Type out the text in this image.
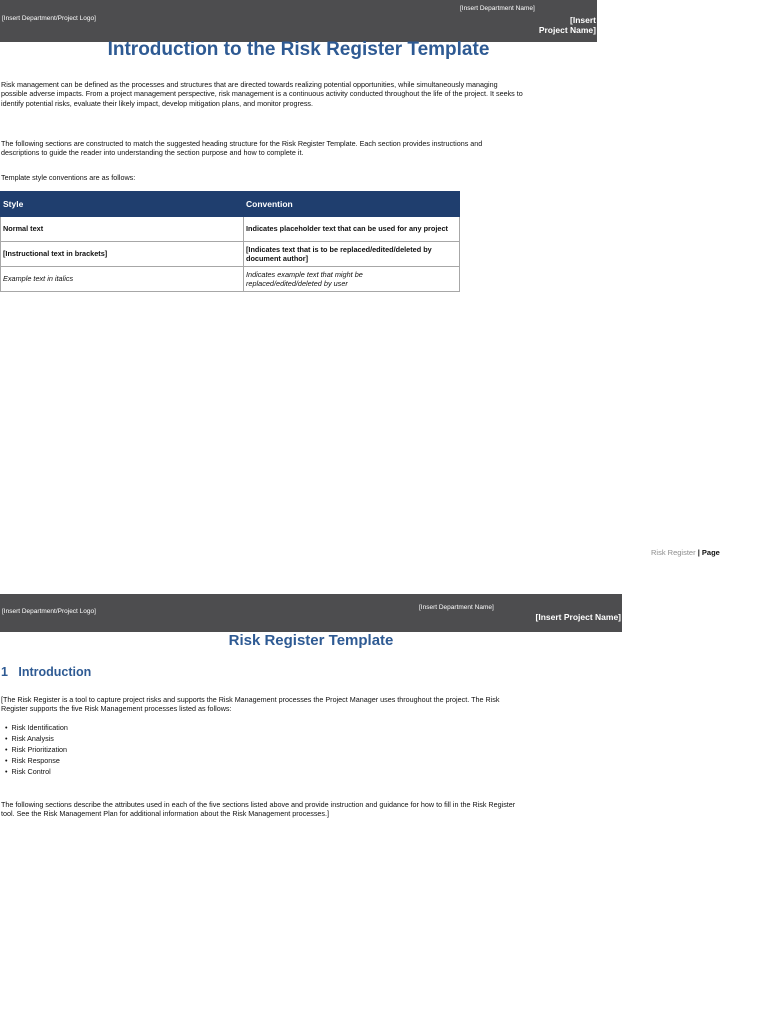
[Insert Department/Project Logo]
[Insert Department Name]
[Insert
Project Name]
Introduction to the Risk Register Template
Risk management can be defined as the processes and structures that are directed towards realizing potential opportunities, while simultaneously managing possible adverse impacts. From a project management perspective, risk management is a continuous activity conducted throughout the life of the project. It seeks to identify potential risks, evaluate their likely impact, develop mitigation plans, and monitor progress.
The following sections are constructed to match the suggested heading structure for the Risk Register Template. Each section provides instructions and descriptions to guide the reader into understanding the section purpose and how to complete it.
Template style conventions are as follows:
Style	Convention
Normal text	Indicates placeholder text that can be used for any project
[Instructional text in brackets]	[Indicates text that is to be replaced/edited/deleted by document author]
Example text in italics	Indicates example text that might be replaced/edited/deleted by user
Risk Register | Page
[Insert Department/Project Logo]
[Insert Department Name]
[Insert Project Name]
Risk Register Template
1   Introduction
[The Risk Register is a tool to capture project risks and supports the Risk Management processes the Project Manager uses throughout the project. The Risk Register supports the five Risk Management processes listed as follows:
• Risk Identification
• Risk Analysis
• Risk Prioritization
• Risk Response
• Risk Control
The following sections describe the attributes used in each of the five sections listed above and provide instruction and guidance for how to fill in the Risk Register tool. See the Risk Management Plan for additional information about the Risk Management processes.]
